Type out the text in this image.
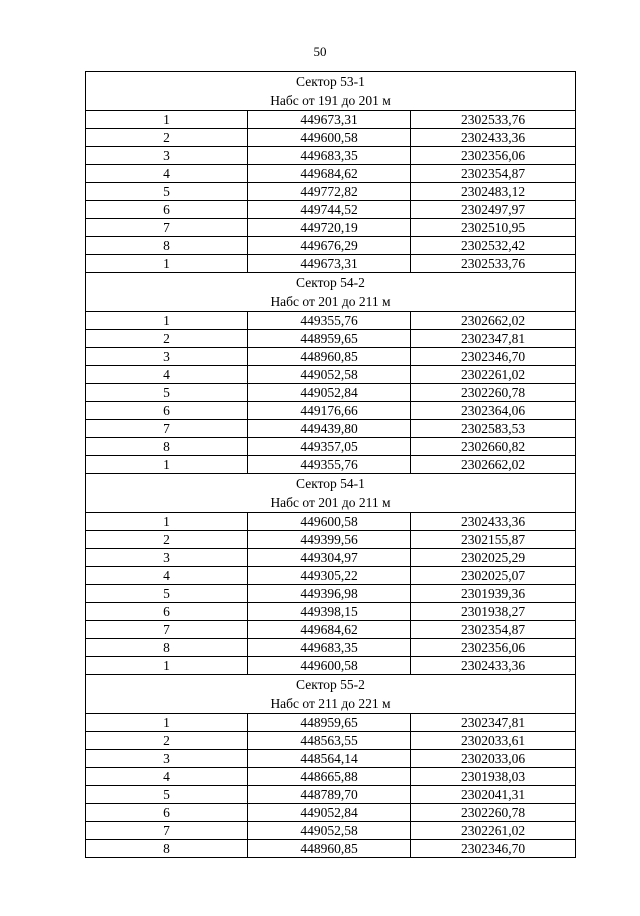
50
Сектор 53-1		
Набс от 191 до 201 м		
1	449673,31	2302533,76
2	449600,58	2302433,36
3	449683,35	2302356,06
4	449684,62	2302354,87
5	449772,82	2302483,12
6	449744,52	2302497,97
7	449720,19	2302510,95
8	449676,29	2302532,42
1	449673,31	2302533,76
Сектор 54-2		
Набс от 201 до 211 м		
1	449355,76	2302662,02
2	448959,65	2302347,81
3	448960,85	2302346,70
4	449052,58	2302261,02
5	449052,84	2302260,78
6	449176,66	2302364,06
7	449439,80	2302583,53
8	449357,05	2302660,82
1	449355,76	2302662,02
Сектор 54-1		
Набс от 201 до 211 м		
1	449600,58	2302433,36
2	449399,56	2302155,87
3	449304,97	2302025,29
4	449305,22	2302025,07
5	449396,98	2301939,36
6	449398,15	2301938,27
7	449684,62	2302354,87
8	449683,35	2302356,06
1	449600,58	2302433,36
Сектор 55-2		
Набс от 211 до 221 м		
1	448959,65	2302347,81
2	448563,55	2302033,61
3	448564,14	2302033,06
4	448665,88	2301938,03
5	448789,70	2302041,31
6	449052,84	2302260,78
7	449052,58	2302261,02
8	448960,85	2302346,70
